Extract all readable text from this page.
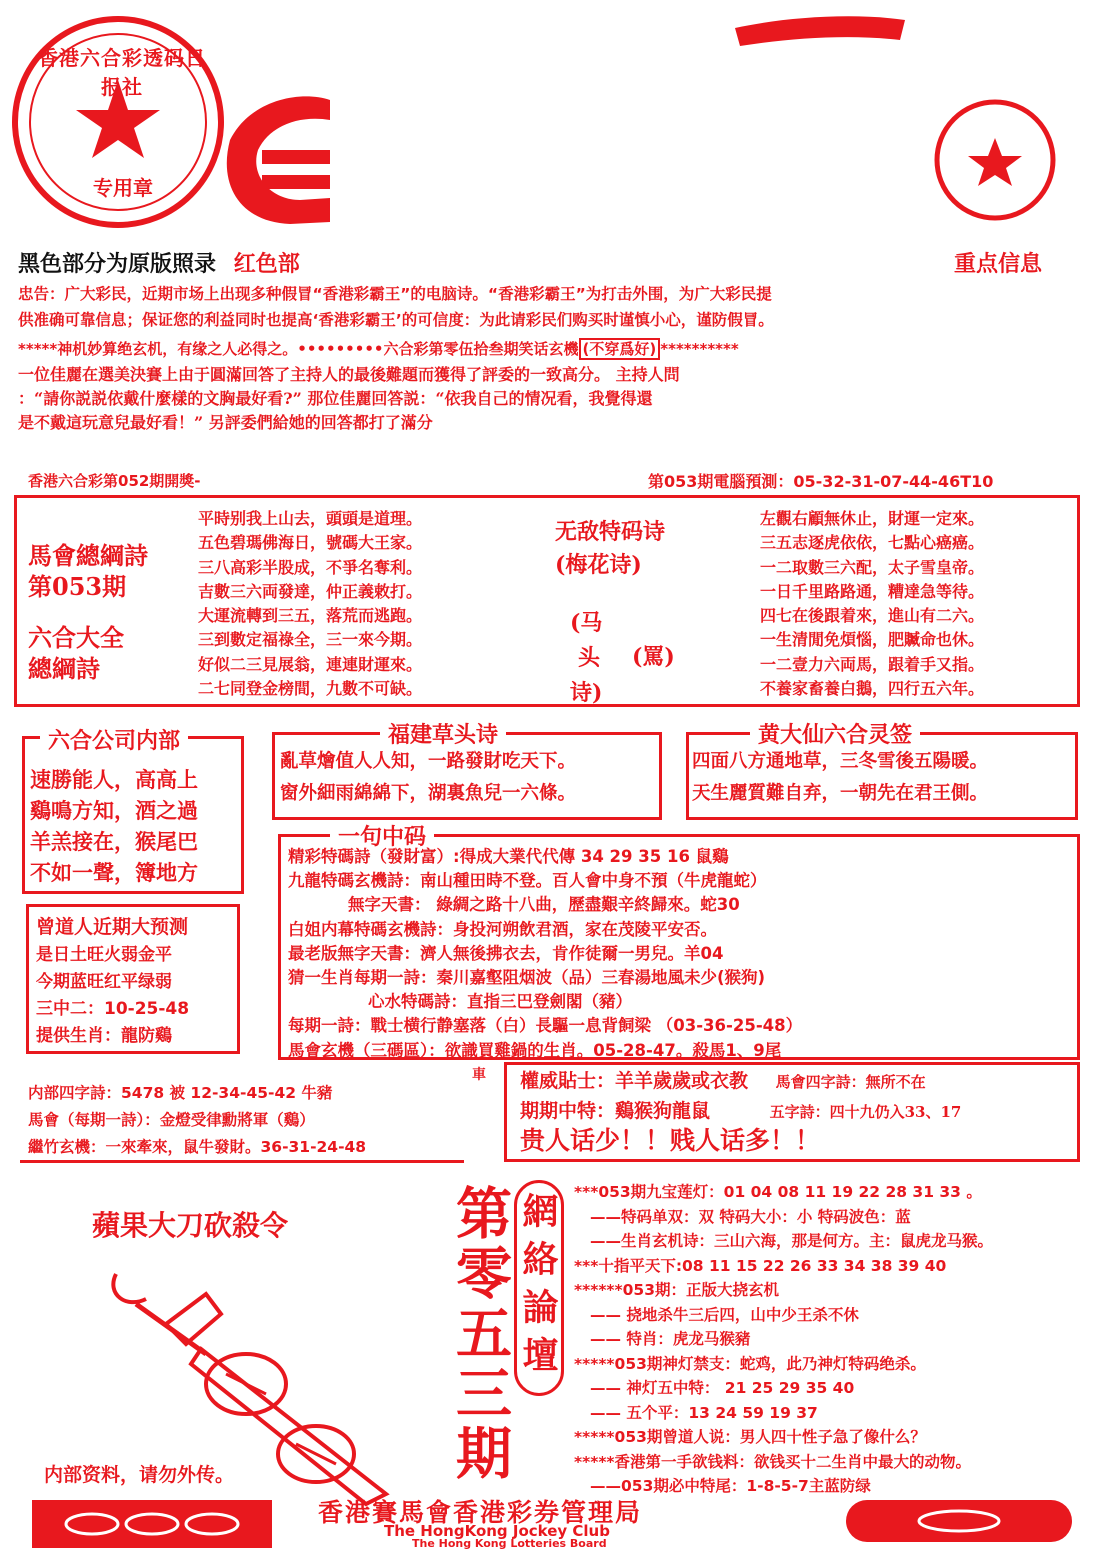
香港六合彩透码日报社
专用章
黑色部分为原版照录 红色部	重点信息
忠告：广大彩民，近期市场上出现多种假冒“香港彩霸王”的电脑诗。“香港彩霸王”为打击外围，为广大彩民提
供准确可靠信息；保证您的利益同时也提高‘香港彩霸王’的可信度：为此请彩民们购买时谨慎小心，谨防假冒。
*****神机妙算绝玄机，有缘之人必得之。•••••••••六合彩第零伍拾叁期笑话玄機 (不穿爲好) **********
一位佳麗在選美決賽上由于圓滿回答了主持人的最後難題而獲得了評委的一致高分。 主持人問
：“請你説説依戴什麼樣的文胸最好看?” 那位佳麗回答説：“依我自己的情况看，我覺得還
是不戴這玩意兒最好看！” 另評委們給她的回答都打了滿分
香港六合彩第052期開獎-	第053期電腦預測：05-32-31-07-44-46T10
馬會總綱詩
第053期
六合大全
總綱詩
平時别我上山去，頭頭是道理。
五色碧瑪佛海日，號碼大王家。
三八高彩半股成，不爭名奪利。
吉數三六両發達，仲正義敕打。
大運流轉到三五，落荒而逃跑。
三到數定福祿全，三一來今期。
好似二三見展翁，連連財運來。
二七同登金榜間，九數不可缺。
无敌特码诗
(梅花诗)
(马
头
诗)
(罵)
左觀右顧無休止，財運一定來。
三五志逐虎依依，七點心癌癌。
一二取數三六配，太子雪皇帝。
一日千里路路通，糟達急等待。
四七在後跟着來，進山有二六。
一生清閒免煩惱，肥贓命也休。
一二壹力六両馬，跟着手又指。
不養家畜養白鵝，四行五六年。
六合公司内部
速勝能人，高高上
鷄鳴方知，酒之過
羊羔接在，猴尾巴
不如一聲，簿地方
福建草头诗
亂草燴值人人知，一路發財吃天下。
窗外細雨綿綿下，湖裏魚兒一六條。
黄大仙六合灵签
四面八方通地草，三冬雪後五陽暖。
天生麗質難自弃，一朝先在君王側。
一句中码
精彩特碼詩（發財富）:得成大業代代傳 34 29 35 16 鼠鷄
九龍特碼玄機詩：南山種田時不登。百人會中身不預（牛虎龍蛇）
無字天書： 綠綢之路十八曲，歷盡艱辛終歸來。蛇30
白姐内幕特碼玄機詩：身投河朔飲君酒，家在茂陵平安否。
最老版無字天書：濟人無後拂衣去，肯作徒爾一男兒。羊04
猜一生肖每期一詩：秦川嘉壑阻烟波（品）三春湯地風未少(猴狗)
心水特碼詩：直指三巴登劍閣（豬）
每期一詩：戰士横行静塞落（白）長驅一息背飼梁 （03-36-25-48）
馬會玄機（三碼區）：欲識買雞鍋的生肖。05-28-47。殺馬1、9尾
曾道人近期大预测
是日土旺火弱金平
今期蓝旺红平绿弱
三中二：10-25-48
提供生肖：龍防鷄
内部四字詩：5478 被 12-34-45-42 牛豬
馬會（每期一詩）：金燈受律勳將軍（鷄）
繼竹玄機：一來牽來，鼠牛發財。36-31-24-48
車 權威貼士：羊羊歲歲或衣教 馬會四字詩：無所不在
期期中特：鷄猴狗龍鼠	五字詩：四十九仍入33、17
贵人话少！！贱人话多！！
蘋果大刀砍殺令
内部资料，请勿外传。	第零五三期 網絡論壇 ***053期九宝莲灯：01 04 08 11 19 22 28 31 33 。
——特码单双：双 特码大小：小 特码波色：蓝
——生肖玄机诗：三山六海，那是何方。主：鼠虎龙马猴。
***十指平天下:08 11 15 22 26 33 34 38 39 40
******053期：正版大挠玄机
—— 挠地杀牛三后四，山中少王杀不休
—— 特肖：虎龙马猴豬
*****053期神灯禁支：蛇鸡，此乃神灯特码绝杀。
—— 神灯五中特： 21 25 29 35 40
—— 五个平：13 24 59 19 37
*****053期曾道人说：男人四十性子急了像什么？
*****香港第一手欲钱料：欲钱买十二生肖中最大的动物。
——053期必中特尾：1-8-5-7主蓝防绿
香港賽馬會香港彩券管理局
The HongKong Jockey Club
The Hong Kong Lotteries Board
